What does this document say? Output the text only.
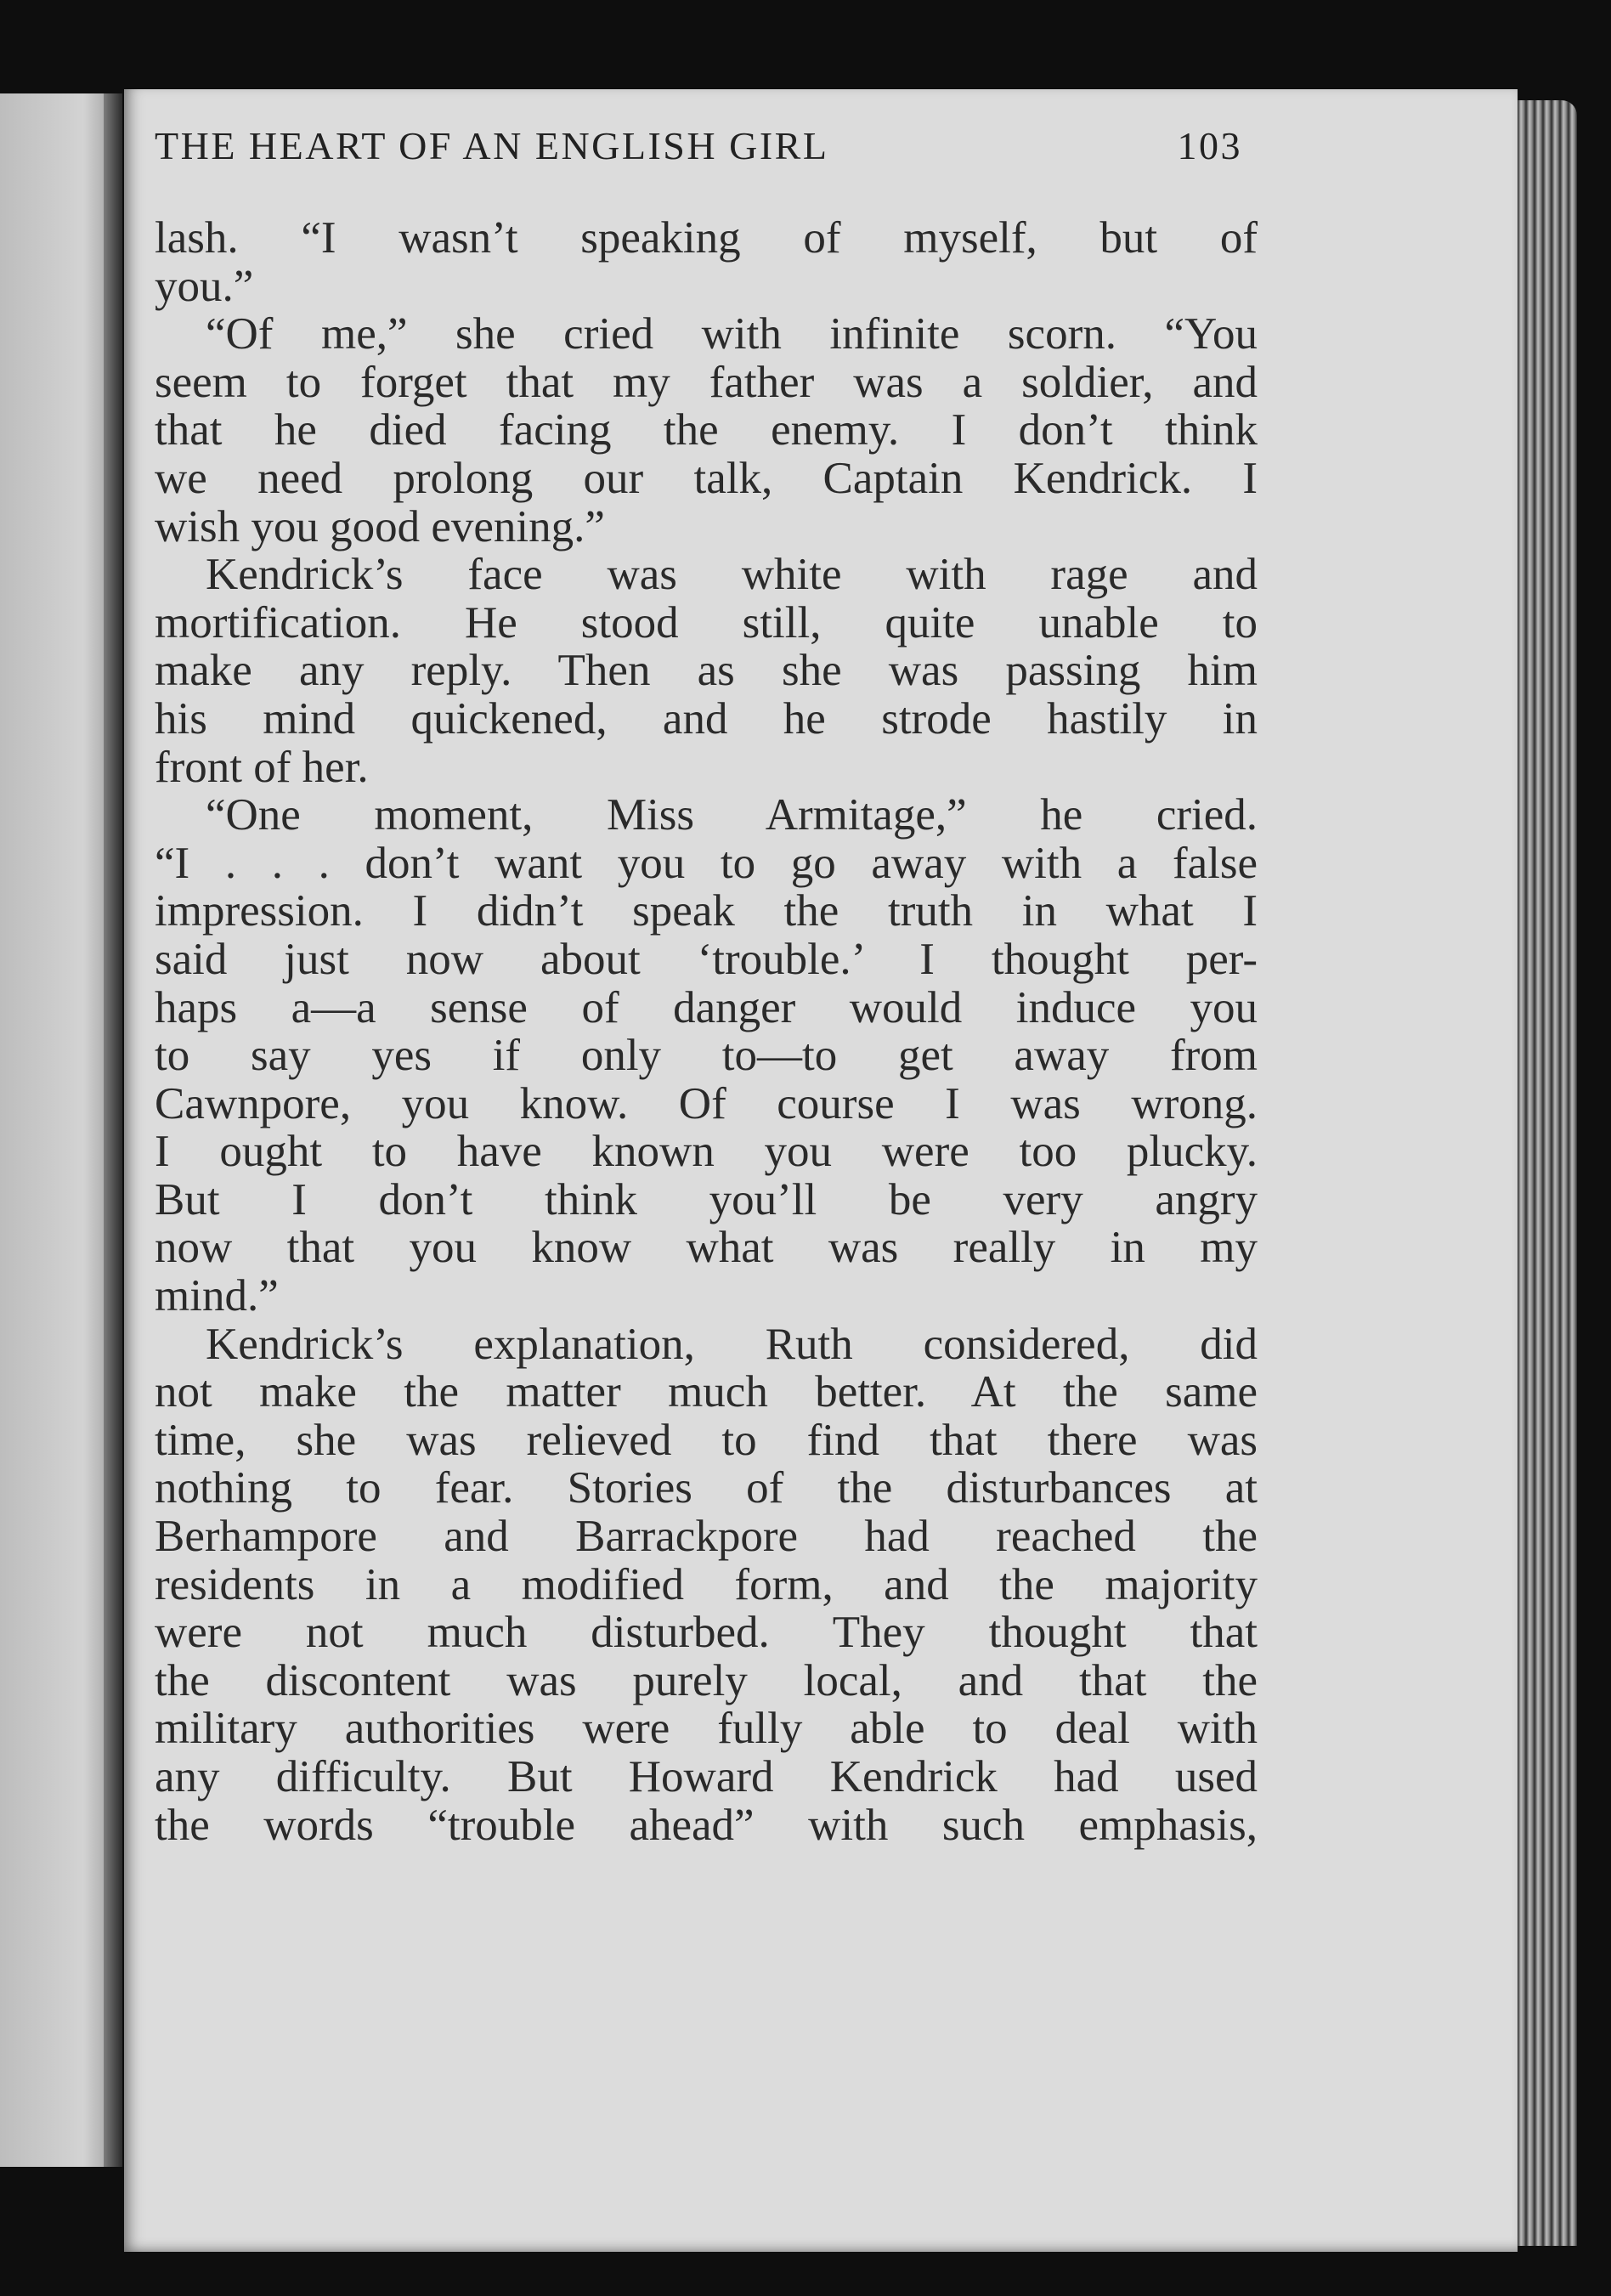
THE HEART OF AN ENGLISH GIRL	103
lash. “I wasn’t speaking of myself, but of
you.”
“Of me,” she cried with infinite scorn. “You
seem to forget that my father was a soldier, and
that he died facing the enemy. I don’t think
we need prolong our talk, Captain Kendrick. I
wish you good evening.”
Kendrick’s face was white with rage and
mortification. He stood still, quite unable to
make any reply. Then as she was passing him
his mind quickened, and he strode hastily in
front of her.
“One moment, Miss Armitage,” he cried.
“I . . . don’t want you to go away with a false
impression. I didn’t speak the truth in what I
said just now about ‘trouble.’ I thought per-
haps a—a sense of danger would induce you
to say yes if only to—to get away from
Cawnpore, you know. Of course I was wrong.
I ought to have known you were too plucky.
But I don’t think you’ll be very angry
now that you know what was really in my
mind.”
Kendrick’s explanation, Ruth considered, did
not make the matter much better. At the same
time, she was relieved to find that there was
nothing to fear. Stories of the disturbances at
Berhampore and Barrackpore had reached the
residents in a modified form, and the majority
were not much disturbed. They thought that
the discontent was purely local, and that the
military authorities were fully able to deal with
any difficulty. But Howard Kendrick had used
the words “trouble ahead” with such emphasis,
